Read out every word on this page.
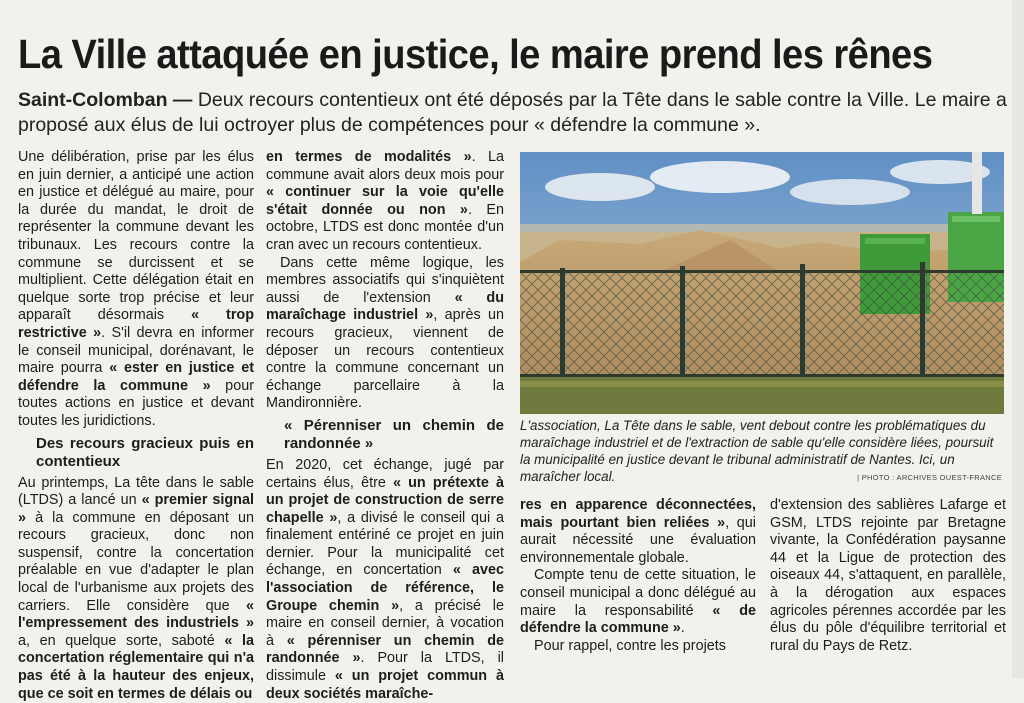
La Ville attaquée en justice, le maire prend les rênes
Saint-Colomban — Deux recours contentieux ont été déposés par la Tête dans le sable contre la Ville. Le maire a proposé aux élus de lui octroyer plus de compétences pour « défendre la commune ».

Une délibération, prise par les élus en juin dernier, a anticipé une action en justice et délégué au maire, pour la durée du mandat, le droit de représenter la commune devant les tribunaux. Les recours contre la commune se durcissent et se multiplient. Cette délégation était en quelque sorte trop précise et leur apparaît désormais « trop restrictive ». S'il devra en informer le conseil municipal, dorénavant, le maire pourra « ester en justice et défendre la commune » pour toutes actions en justice et devant toutes les juridictions.

Des recours gracieux puis en contentieux

Au printemps, La tête dans le sable (LTDS) a lancé un « premier signal » à la commune en déposant un recours gracieux, donc non suspensif, contre la concertation préalable en vue d'adapter le plan local de l'urbanisme aux projets des carriers. Elle considère que « l'empressement des industriels » a, en quelque sorte, saboté « la concertation réglementaire qui n'a pas été à la hauteur des enjeux, que ce soit en termes de délais ou

en termes de modalités ». La commune avait alors deux mois pour « continuer sur la voie qu'elle s'était donnée ou non ». En octobre, LTDS est donc montée d'un cran avec un recours contentieux.

Dans cette même logique, les membres associatifs qui s'inquiètent aussi de l'extension « du maraîchage industriel », après un recours gracieux, viennent de déposer un recours contentieux contre la commune concernant un échange parcellaire à la Mandironnière.

« Pérenniser un chemin de randonnée »

En 2020, cet échange, jugé par certains élus, être « un prétexte à un projet de construction de serre chapelle », a divisé le conseil qui a finalement entériné ce projet en juin dernier. Pour la municipalité cet échange, en concertation « avec l'association de référence, le Groupe chemin », a précisé le maire en conseil dernier, à vocation à « pérenniser un chemin de randonnée ». Pour la LTDS, il dissimule « un projet commun à deux sociétés maraîche-

L'association, La Tête dans le sable, vent debout contre les problématiques du maraîchage industriel et de l'extraction de sable qu'elle considère liées, poursuit la municipalité en justice devant le tribunal administratif de Nantes. Ici, un maraîcher local.	| PHOTO : ARCHIVES OUEST-FRANCE

res en apparence déconnectées, mais pourtant bien reliées », qui aurait nécessité une évaluation environnementale globale.

Compte tenu de cette situation, le conseil municipal a donc délégué au maire la responsabilité « de défendre la commune ».

Pour rappel, contre les projets

d'extension des sablières Lafarge et GSM, LTDS rejointe par Bretagne vivante, la Confédération paysanne 44 et la Ligue de protection des oiseaux 44, s'attaquent, en parallèle, à la dérogation aux espaces agricoles pérennes accordée par les élus du pôle d'équilibre territorial et rural du Pays de Retz.
